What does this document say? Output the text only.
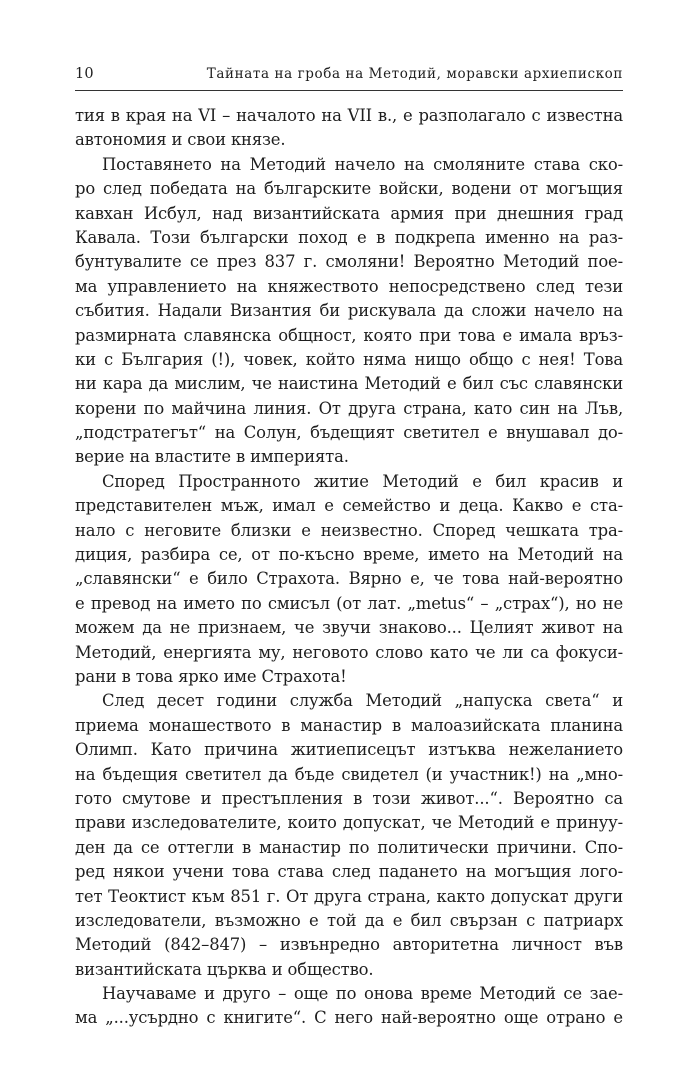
10	Тайната на гроба на Методий, моравски архиепископ
тия в края на VI – началото на VII в., е разполагало с известна
автономия и свои князе.
Поставянето на Методий начело на смоляните става ско-
ро след победата на българските войски, водени от могъщия
кавхан Исбул, над византийската армия при днешния град
Кавала. Този български поход е в подкрепа именно на раз-
бунтувалите се през 837 г. смоляни! Вероятно Методий пое-
ма управлението на княжеството непосредствено след тези
събития. Надали Византия би рискувала да сложи начело на
размирната славянска общност, която при това е имала връз-
ки с България (!), човек, който няма нищо общо с нея! Това
ни кара да мислим, че наистина Методий е бил със славянски
корени по майчина линия. От друга страна, като син на Лъв,
„подстратегът“ на Солун, бъдещият светител е внушавал до-
верие на властите в империята.
Според Пространното житие Методий е бил красив и
представителен мъж, имал е семейство и деца. Какво е ста-
нало с неговите близки е неизвестно. Според чешката тра-
диция, разбира се, от по-късно време, името на Методий на
„славянски“ е било Страхота. Вярно е, че това най-вероятно
е превод на името по смисъл (от лат. „metus“ – „страх“), но не
можем да не признаем, че звучи знаково... Целият живот на
Методий, енергията му, неговото слово като че ли са фокуси-
рани в това ярко име Страхота!
След десет години служба Методий „напуска света“ и
приема монашеството в манастир в малоазийската планина
Олимп. Като причина житиеписецът изтъква нежеланието
на бъдещия светител да бъде свидетел (и участник!) на „мно-
гото смутове и престъпления в този живот...“. Вероятно са
прави изследователите, които допускат, че Методий е принуу-
ден да се оттегли в манастир по политически причини. Спо-
ред някои учени това става след падането на могъщия лого-
тет Теоктист към 851 г. От друга страна, както допускат други
изследователи, възможно е той да е бил свързан с патриарх
Методий (842–847) – извънредно авторитетна личност във
византийската църква и общество.
Научаваме и друго – още по онова време Методий се зае-
ма „...усърдно с книгите“. С него най-вероятно още отрано е
